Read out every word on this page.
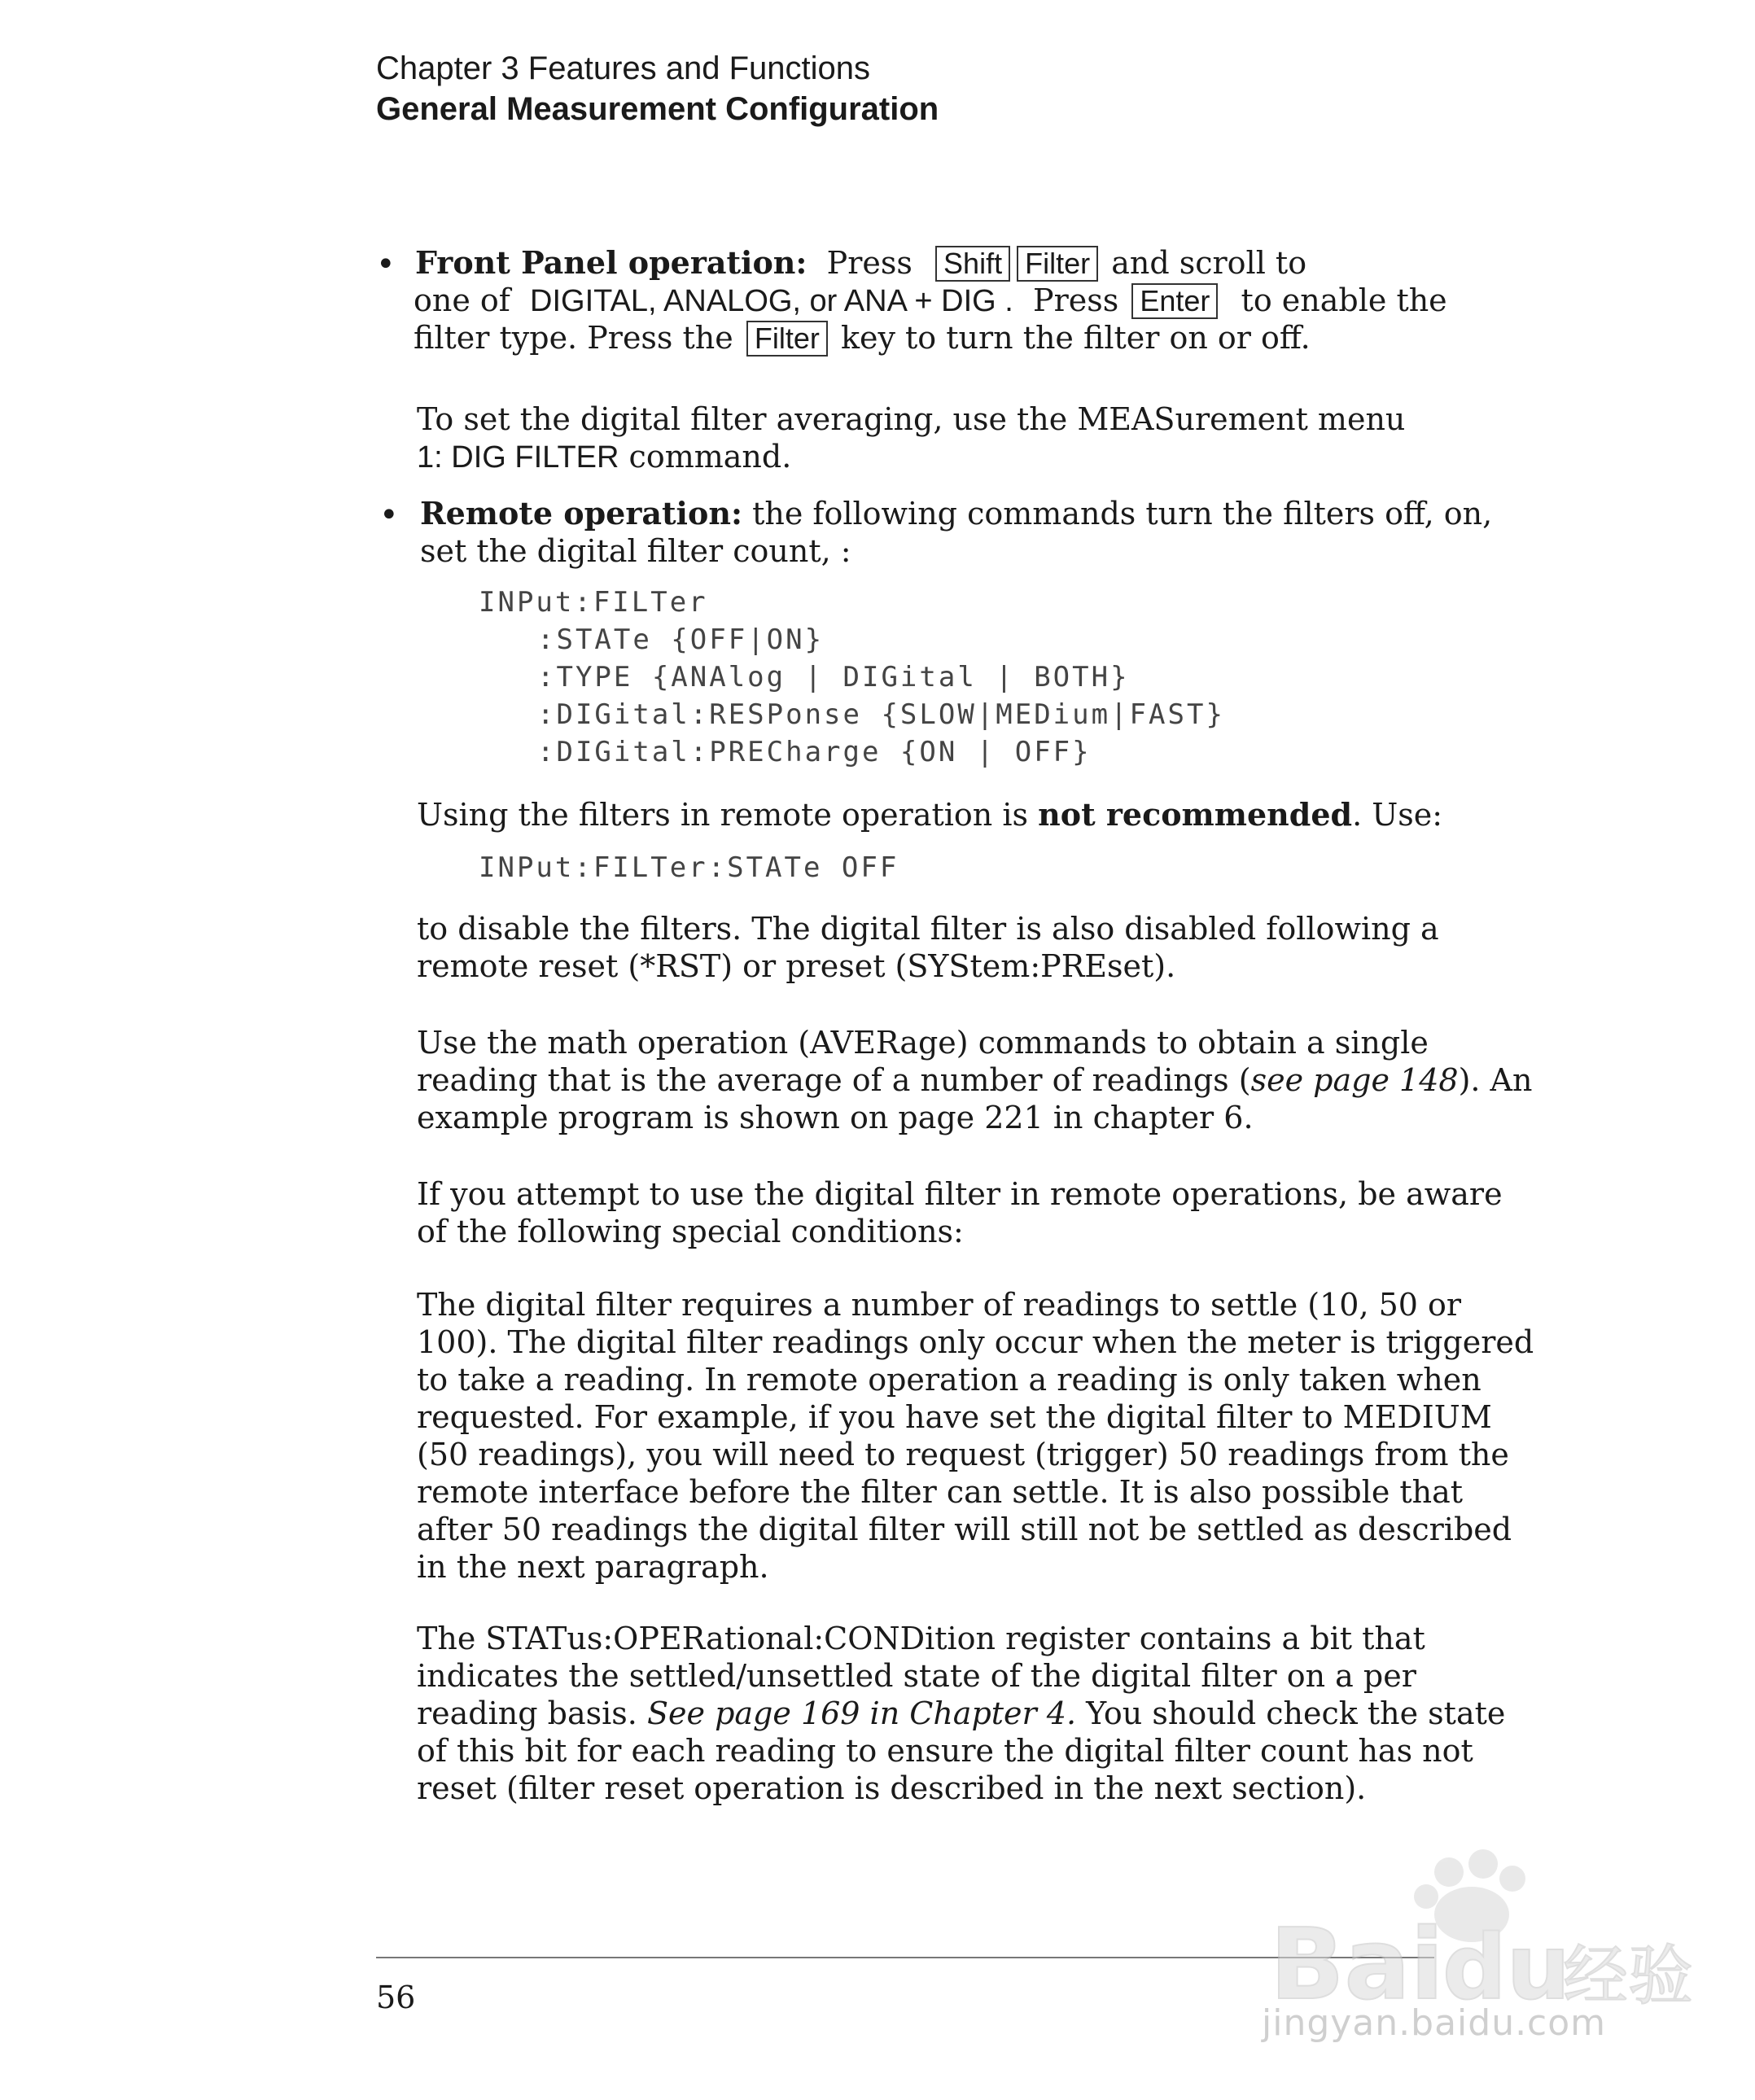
Chapter 3 Features and Functions
General Measurement Configuration
• Front Panel operation: Press Shift Filter and scroll to
one of DIGITAL, ANALOG, or ANA + DIG . Press Enter to enable the
filter type. Press the Filter key to turn the filter on or off.
To set the digital filter averaging, use the MEASurement menu
1: DIG FILTER command.
• Remote operation: the following commands turn the filters off, on,
set the digital filter count, :
INPut:FILTer
:STATe {OFF|ON}
:TYPE {ANAlog | DIGital | BOTH}
:DIGital:RESPonse {SLOW|MEDium|FAST}
:DIGital:PRECharge {ON | OFF}
Using the filters in remote operation is not recommended. Use:
INPut:FILTer:STATe OFF
to disable the filters. The digital filter is also disabled following a
remote reset (*RST) or preset (SYStem:PREset).
Use the math operation (AVERage) commands to obtain a single
reading that is the average of a number of readings (see page 148). An
example program is shown on page 221 in chapter 6.
If you attempt to use the digital filter in remote operations, be aware
of the following special conditions:
The digital filter requires a number of readings to settle (10, 50 or
100). The digital filter readings only occur when the meter is triggered
to take a reading. In remote operation a reading is only taken when
requested. For example, if you have set the digital filter to MEDIUM
(50 readings), you will need to request (trigger) 50 readings from the
remote interface before the filter can settle. It is also possible that
after 50 readings the digital filter will still not be settled as described
in the next paragraph.
The STATus:OPERational:CONDition register contains a bit that
indicates the settled/unsettled state of the digital filter on a per
reading basis. See page 169 in Chapter 4. You should check the state
of this bit for each reading to ensure the digital filter count has not
reset (filter reset operation is described in the next section).
56	Bai
du
经验
jingyan.baidu.com
